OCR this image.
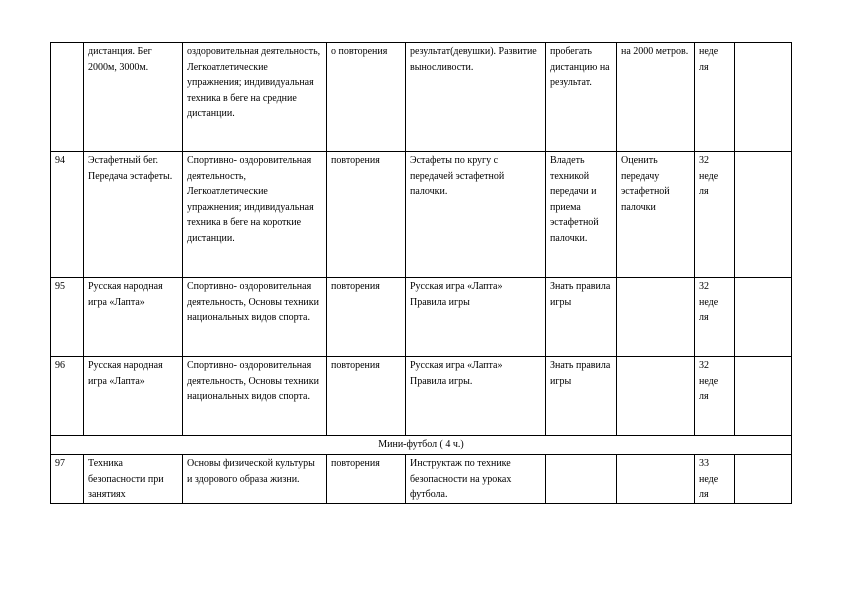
	дистанция. Бег 2000м, 3000м.	оздоровительная деятельность, Легкоатлетические упражнения; индивидуальная техника в беге на средние дистанции.	о повторения	результат(девушки). Развитие выносливости.	пробегать дистанцию на результат.	на 2000 метров.	неде ля	
94	Эстафетный бег. Передача эстафеты.	Спортивно- оздоровительная деятельность, Легкоатлетические упражнения; индивидуальная техника в беге на короткие дистанции.	повторения	Эстафеты по кругу с передачей эстафетной палочки.	Владеть техникой передачи и приема эстафетной палочки.	Оценить передачу эстафетной палочки	32 неде ля	
95	Русская народная игра «Лапта»	Спортивно- оздоровительная деятельность, Основы техники национальных видов спорта.	повторения	Русская игра «Лапта» Правила игры	Знать правила игры		32 неде ля	
96	Русская народная игра «Лапта»	Спортивно- оздоровительная деятельность, Основы техники национальных видов спорта.	повторения	Русская игра «Лапта» Правила игры.	Знать правила игры		32 неде ля	
Мини-футбол ( 4 ч.)								
97	Техника безопасности при занятиях	Основы физической культуры и здорового образа жизни.	повторения	Инструктаж по технике безопасности на уроках футбола.			33 неде ля	
